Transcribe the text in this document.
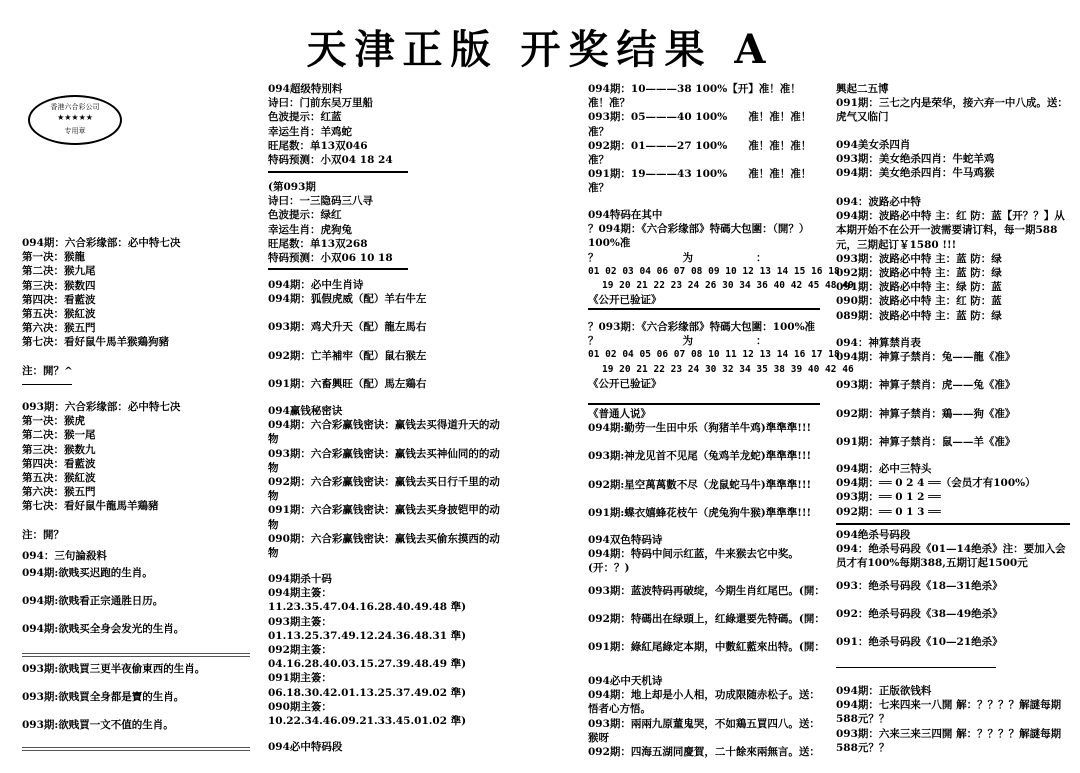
天津正版 开奖结果 A
香港六合彩公司
★★★★★
专用章
094期：六合彩缘部：必中特七决
第一决：猴龍
第二决：猴九尾
第三决：猴数四
第四决：看藍波
第五决：猴紅波
第六决：猴五門
第七决：看好鼠牛馬羊猴鶏狗豬
注：開？^
093期：六合彩缘部：必中特七决
第一决：猴虎
第二决：猴一尾
第三决：猴数九
第四决：看藍波
第五决：猴紅波
第六决：猴五門
第七决：看好鼠牛龍馬羊鶏豬
注：開？
094：三句論殺料
094期:欲贱买迟跑的生肖。
094期:欲贱看正宗通胜日历。
094期:欲贱买全身会发光的生肖。
093期:欲贱買三更半夜偷東西的生肖。
093期:欲贱買全身都是寶的生肖。
093期:欲贱買一文不值的生肖。
094超级特別料
诗曰：门前东吴万里船
色波提示：红蓝
幸运生肖：羊鸡蛇
旺尾数：单13双046
特码预测：小双04 18 24
(第093期
诗曰：一三隐码三八寻
色波提示：绿红
幸运生肖：虎狗兔
旺尾数：单13双268
特码预测：小双06 10 18
094期：必中生肖诗
094期：狐假虎威（配）羊右牛左
093期：鸡犬升天（配）龍左馬右
092期：亡羊補牢（配）鼠右猴左
091期：六畜興旺（配）馬左鶏右
094赢钱秘密诀
094期：六合彩赢钱密诀：赢钱去买得道升天的动物
093期：六合彩赢钱密诀：赢钱去买神仙同的的动物
092期：六合彩赢钱密诀：赢钱去买日行千里的动物
091期：六合彩赢钱密诀：赢钱去买身披铠甲的动物
090期：六合彩赢钱密诀：赢钱去买偷东摸西的动物
094期杀十码
094期主簽：11.23.35.47.04.16.28.40.49.48 準)
093期主簽：01.13.25.37.49.12.24.36.48.31 準)
092期主簽：04.16.28.40.03.15.27.39.48.49 準)
091期主簽：06.18.30.42.01.13.25.37.49.02 準)
090期主簽：10.22.34.46.09.21.33.45.01.02 準)
094必中特码段
094期：10———38 100%【开】准！准！准！准？
093期：05———40 100%　　准！准！准！准？
092期：01———27 100%　　准！准！准！准？
091期：19———43 100%　　准！准！准！准？
094特码在其中
？094期：《六合彩缘部》特碼大包圍：（開？）100%准
？　　　　　　　　为　　　　　　：
01 02 03 04 06 07 08 09 10 12 13 14 15 16 18
19 20 21 22 23 24 26 30 34 36 40 42 45 48 49
《公开已验证》
？093期：《六合彩缘部》特碼大包圍：100%准
？　　　　　　　　为　　　　　　：
01 02 04 05 06 07 08 10 11 12 13 14 16 17 18
19 20 21 22 23 24 30 32 34 35 38 39 40 42 46
《公开已验证》
《普通人说》
094期:勤劳一生田中乐（狗猪羊牛鸡)準準準!!!
093期:神龙见首不见尾（兔鸡羊龙蛇)準準準!!!
092期:星空萬萬數不尽（龙鼠蛇马牛)準準準!!!
091期:蝶衣嬉蜂花枝午（虎兔狗牛猴)準準準!!!
094双色特码诗
094期：特码中间示红蓝，牛来猴去它中奖。(开：？)
093期：蓝波特码再破绽，今期生肖红尾巴。(開：
092期：特碼出在绿頭上，红綠還要先特碼。(開：
091期：綠紅尾綠定本期，中數紅藍來出特。(開：
094必中天机诗
094期：地上却是小人相，功成限随赤松子。送：悟者心方悟。
093期：兩兩九原董鬼哭，不如鶏五買四八。送：猴呀
092期：四海五湖同慶賀，二十餘來兩無言。送：
興起二五博
091期：三七之内是荣华，接六弃一中八成。送：虎气又临门
094美女杀四肖
093期：美女绝杀四肖：牛蛇羊鸡
094期：美女绝杀四肖：牛马鸡猴
094：波路必中特
094期：波路必中特 主：红 防：蓝【开？？】从本期开始不在公开一波需要请订料，每一期588元，三期起订￥1580 !!!
093期：波路必中特 主：蓝 防：绿
092期：波路必中特 主：蓝 防：绿
091期：波路必中特 主：绿 防：蓝
090期：波路必中特 主：红 防：蓝
089期：波路必中特 主：蓝 防：绿
094：神算禁肖表
094期：神算子禁肖：兔——龍《准》
093期：神算子禁肖：虎——兔《准》
092期：神算子禁肖：鶏——狗《准》
091期：神算子禁肖：鼠——羊《准》
094期：必中三特头
094期：══ 0 2 4 ══（会员才有100%）
093期：══ 0 1 2 ══
092期：══ 0 1 3 ══
094绝杀号码段
094：绝杀号码段《01—14绝杀》注：要加入会员才有100%每期388,五期订起1500元
093：绝杀号码段《18—31绝杀》
092：绝杀号码段《38—49绝杀》
091：绝杀号码段《10—21绝杀》
094期：正版欲钱料
094期：七来四来一八開 解：？？？？解謎每期588元？？
093期：六来三来三四開 解：？？？？解謎每期588元？？
